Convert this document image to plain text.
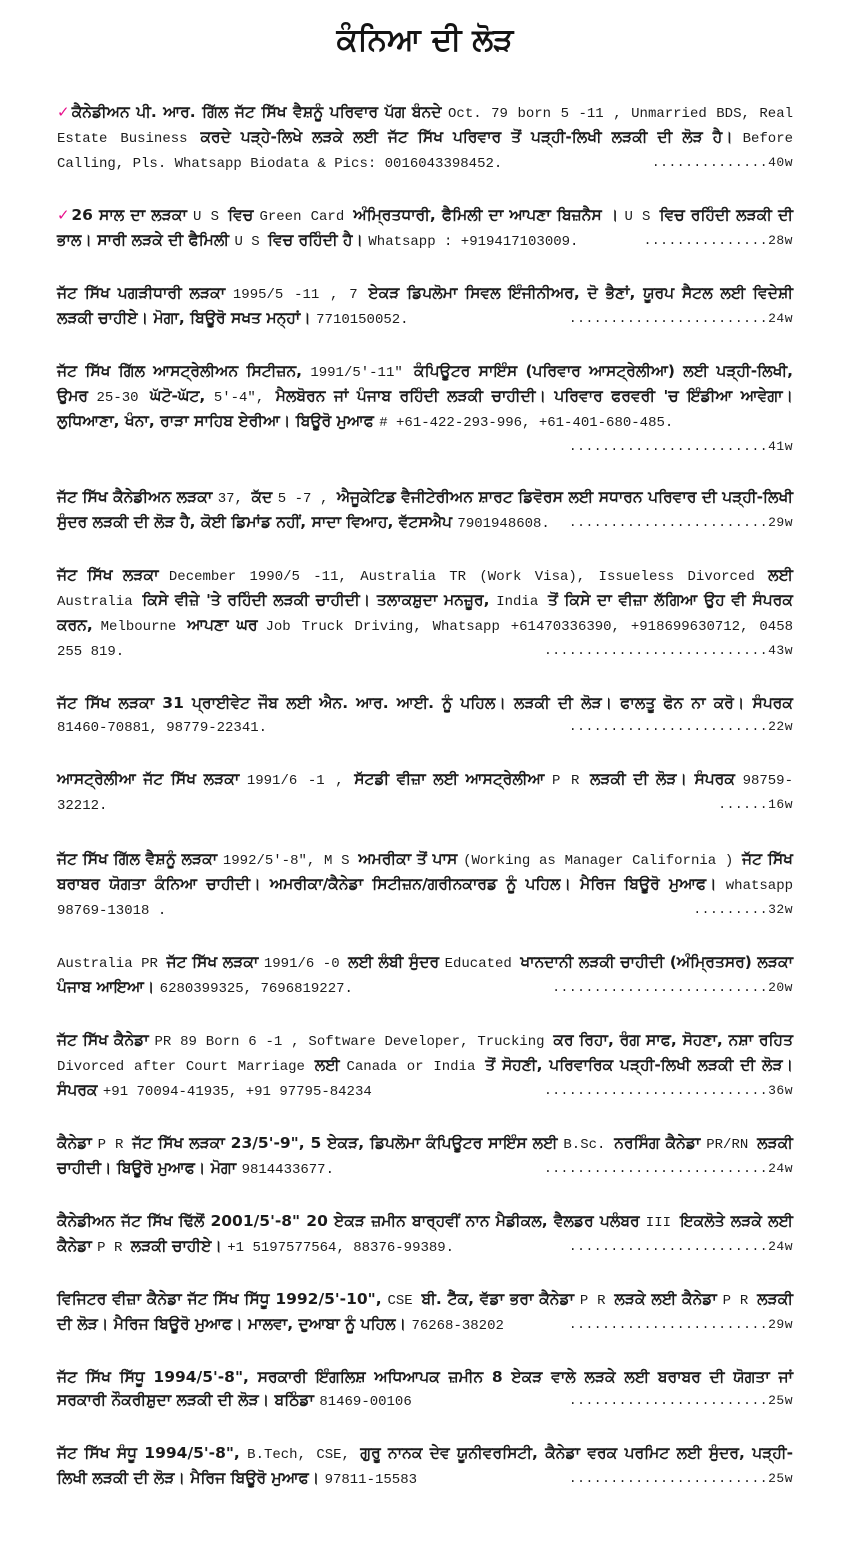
ਕੰਨਿਆ ਦੀ ਲੋੜ

✓ਕੈਨੇਡੀਅਨ ਪੀ. ਆਰ. ਗਿੱਲ ਜੱਟ ਸਿੱਖ ਵੈਸ਼ਨੂੰ ਪਰਿਵਾਰ ਪੱਗ ਬੰਨਦੇ Oct. 79 born 5 -11 , Unmarried BDS, Real Estate Business ਕਰਦੇ ਪੜ੍ਹੇ-ਲਿਖੇ ਲੜਕੇ ਲਈ ਜੱਟ ਸਿੱਖ ਪਰਿਵਾਰ ਤੋਂ ਪੜ੍ਹੀ-ਲਿਖੀ ਲੜਕੀ ਦੀ ਲੋੜ ਹੈ। Before Calling, Pls. Whatsapp Biodata & Pics: 0016043398452.	..............40w

✓26 ਸਾਲ ਦਾ ਲੜਕਾ U S ਵਿਚ Green Card ਅੰਮ੍ਰਿਤਧਾਰੀ, ਫੈਮਿਲੀ ਦਾ ਆਪਣਾ ਬਿਜ਼ਨੈਸ । U S ਵਿਚ ਰਹਿੰਦੀ ਲੜਕੀ ਦੀ ਭਾਲ। ਸਾਰੀ ਲੜਕੇ ਦੀ ਫੈਮਿਲੀ U S ਵਿਚ ਰਹਿੰਦੀ ਹੈ। Whatsapp : +919417103009.	...............28w

ਜੱਟ ਸਿੱਖ ਪਗੜੀਧਾਰੀ ਲੜਕਾ 1995/5 -11 , 7 ਏਕੜ ਡਿਪਲੋਮਾ ਸਿਵਲ ਇੰਜੀਨੀਅਰ, ਦੋ ਭੈਣਾਂ, ਯੂਰਪ ਸੈਟਲ ਲਈ ਵਿਦੇਸ਼ੀ ਲੜਕੀ ਚਾਹੀਏ। ਮੋਗਾ, ਬਿਊਰੋ ਸਖਤ ਮਨ੍ਹਾਂ। 7710150052.	........................24w

ਜੱਟ ਸਿੱਖ ਗਿੱਲ ਆਸਟ੍ਰੇਲੀਅਨ ਸਿਟੀਜ਼ਨ, 1991/5'-11" ਕੰਪਿਊਟਰ ਸਾਇੰਸ (ਪਰਿਵਾਰ ਆਸਟ੍ਰੇਲੀਆ) ਲਈ ਪੜ੍ਹੀ-ਲਿਖੀ, ਉਮਰ 25-30 ਘੱਟੋ-ਘੱਟ, 5'-4", ਮੈਲਬੋਰਨ ਜਾਂ ਪੰਜਾਬ ਰਹਿੰਦੀ ਲੜਕੀ ਚਾਹੀਦੀ। ਪਰਿਵਾਰ ਫਰਵਰੀ 'ਚ ਇੰਡੀਆ ਆਵੇਗਾ। ਲੁਧਿਆਣਾ, ਖੰਨਾ, ਰਾੜਾ ਸਾਹਿਬ ਏਰੀਆ। ਬਿਊਰੋ ਮੁਆਫ # +61-422-293-996, +61-401-680-485.
........................41w

ਜੱਟ ਸਿੱਖ ਕੈਨੇਡੀਅਨ ਲੜਕਾ 37, ਕੱਦ 5 -7 , ਐਜੂਕੇਟਿਡ ਵੈਜੀਟੇਰੀਅਨ ਸ਼ਾਰਟ ਡਿਵੋਰਸ ਲਈ ਸਧਾਰਨ ਪਰਿਵਾਰ ਦੀ ਪੜ੍ਹੀ-ਲਿਖੀ ਸੁੰਦਰ ਲੜਕੀ ਦੀ ਲੋੜ ਹੈ, ਕੋਈ ਡਿਮਾਂਡ ਨਹੀਂ, ਸਾਦਾ ਵਿਆਹ, ਵੱਟਸਐਪ 7901948608. ........................29w

ਜੱਟ ਸਿੱਖ ਲੜਕਾ December 1990/5 -11, Australia TR (Work Visa), Issueless Divorced ਲਈ Australia ਕਿਸੇ ਵੀਜ਼ੇ 'ਤੇ ਰਹਿੰਦੀ ਲੜਕੀ ਚਾਹੀਦੀ। ਤਲਾਕਸ਼ੁਦਾ ਮਨਜ਼ੂਰ, India ਤੋਂ ਕਿਸੇ ਦਾ ਵੀਜ਼ਾ ਲੱਗਿਆ ਉਹ ਵੀ ਸੰਪਰਕ ਕਰਨ, Melbourne ਆਪਣਾ ਘਰ Job Truck Driving, Whatsapp +61470336390, +918699630712, 0458 255 819.	...........................43w

ਜੱਟ ਸਿੱਖ ਲੜਕਾ 31 ਪ੍ਰਾਈਵੇਟ ਜੌਬ ਲਈ ਐਨ. ਆਰ. ਆਈ. ਨੂੰ ਪਹਿਲ। ਲੜਕੀ ਦੀ ਲੋੜ। ਫਾਲਤੂ ਫੋਨ ਨਾ ਕਰੋ। ਸੰਪਰਕ 81460-70881, 98779-22341.	........................22w

ਆਸਟ੍ਰੇਲੀਆ ਜੱਟ ਸਿੱਖ ਲੜਕਾ 1991/6 -1 , ਸੱਟਡੀ ਵੀਜ਼ਾ ਲਈ ਆਸਟ੍ਰੇਲੀਆ P R ਲੜਕੀ ਦੀ ਲੋੜ। ਸੰਪਰਕ 98759-32212.	......16w

ਜੱਟ ਸਿੱਖ ਗਿੱਲ ਵੈਸ਼ਨੂੰ ਲੜਕਾ 1992/5'-8", M S ਅਮਰੀਕਾ ਤੋਂ ਪਾਸ (Working as Manager California ) ਜੱਟ ਸਿੱਖ ਬਰਾਬਰ ਯੋਗਤਾ ਕੰਨਿਆ ਚਾਹੀਦੀ। ਅਮਰੀਕਾ/ਕੈਨੇਡਾ ਸਿਟੀਜ਼ਨ/ਗਰੀਨਕਾਰਡ ਨੂੰ ਪਹਿਲ। ਮੈਰਿਜ ਬਿਊਰੋ ਮੁਆਫ। whatsapp 98769-13018 .	.........32w

Australia PR ਜੱਟ ਸਿੱਖ ਲੜਕਾ 1991/6 -0 ਲਈ ਲੰਬੀ ਸੁੰਦਰ Educated ਖਾਨਦਾਨੀ ਲੜਕੀ ਚਾਹੀਦੀ (ਅੰਮ੍ਰਿਤਸਰ) ਲੜਕਾ ਪੰਜਾਬ ਆਇਆ। 6280399325, 7696819227.	..........................20w

ਜੱਟ ਸਿੱਖ ਕੈਨੇਡਾ PR 89 Born 6 -1 , Software Developer, Trucking ਕਰ ਰਿਹਾ, ਰੰਗ ਸਾਫ, ਸੋਹਣਾ, ਨਸ਼ਾ ਰਹਿਤ Divorced after Court Marriage ਲਈ Canada or India ਤੋਂ ਸੋਹਣੀ, ਪਰਿਵਾਰਿਕ ਪੜ੍ਹੀ-ਲਿਖੀ ਲੜਕੀ ਦੀ ਲੋੜ। ਸੰਪਰਕ +91 70094-41935, +91 97795-84234	...........................36w

ਕੈਨੇਡਾ P R ਜੱਟ ਸਿੱਖ ਲੜਕਾ 23/5'-9", 5 ਏਕੜ, ਡਿਪਲੋਮਾ ਕੰਪਿਊਟਰ ਸਾਇੰਸ ਲਈ B.Sc. ਨਰਸਿੰਗ ਕੈਨੇਡਾ PR/RN ਲੜਕੀ ਚਾਹੀਦੀ। ਬਿਊਰੋ ਮੁਆਫ। ਮੋਗਾ 9814433677.	...........................24w

ਕੈਨੇਡੀਅਨ ਜੱਟ ਸਿੱਖ ਢਿੱਲੋਂ 2001/5'-8" 20 ਏਕੜ ਜ਼ਮੀਨ ਬਾਰ੍ਹਵੀਂ ਨਾਨ ਮੈਡੀਕਲ, ਵੈਲਡਰ ਪਲੰਬਰ III ਇਕਲੋਤੇ ਲੜਕੇ ਲਈ ਕੈਨੇਡਾ P R ਲੜਕੀ ਚਾਹੀਏ। +1 5197577564, 88376-99389.	........................24w

ਵਿਜਿਟਰ ਵੀਜ਼ਾ ਕੈਨੇਡਾ ਜੱਟ ਸਿੱਖ ਸਿੱਧੂ 1992/5'-10", CSE ਬੀ. ਟੈੱਕ, ਵੱਡਾ ਭਰਾ ਕੈਨੇਡਾ P R ਲੜਕੇ ਲਈ ਕੈਨੇਡਾ P R ਲੜਕੀ ਦੀ ਲੋੜ। ਮੈਰਿਜ ਬਿਊਰੋ ਮੁਆਫ। ਮਾਲਵਾ, ਦੁਆਬਾ ਨੂੰ ਪਹਿਲ। 76268-38202	........................29w

ਜੱਟ ਸਿੱਖ ਸਿੱਧੂ 1994/5'-8", ਸਰਕਾਰੀ ਇੰਗਲਿਸ਼ ਅਧਿਆਪਕ ਜ਼ਮੀਨ 8 ਏਕੜ ਵਾਲੇ ਲੜਕੇ ਲਈ ਬਰਾਬਰ ਦੀ ਯੋਗਤਾ ਜਾਂ ਸਰਕਾਰੀ ਨੌਕਰੀਸ਼ੁਦਾ ਲੜਕੀ ਦੀ ਲੋੜ। ਬਠਿੰਡਾ 81469-00106	........................25w

ਜੱਟ ਸਿੱਖ ਸੰਧੂ 1994/5'-8", B.Tech, CSE, ਗੁਰੂ ਨਾਨਕ ਦੇਵ ਯੂਨੀਵਰਸਿਟੀ, ਕੈਨੇਡਾ ਵਰਕ ਪਰਮਿਟ ਲਈ ਸੁੰਦਰ, ਪੜ੍ਹੀ-ਲਿਖੀ ਲੜਕੀ ਦੀ ਲੋੜ। ਮੈਰਿਜ ਬਿਊਰੋ ਮੁਆਫ। 97811-15583	........................25w
